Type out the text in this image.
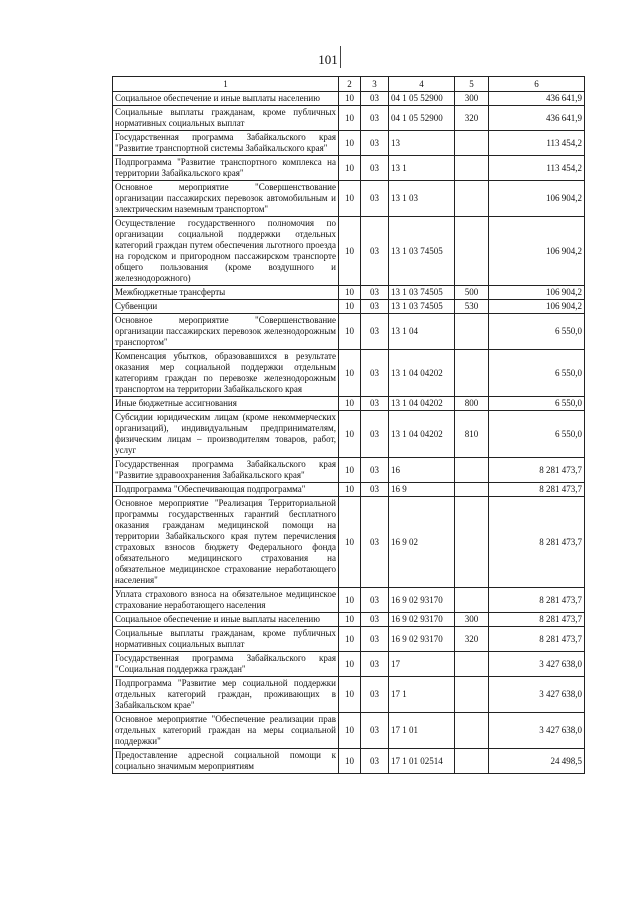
101
1	2	3	4	5	6
Социальное обеспечение и иные выплаты населению	10	03	04 1 05 52900	300	436 641,9
Социальные выплаты гражданам, кроме публичных нормативных социальных выплат	10	03	04 1 05 52900	320	436 641,9
Государственная программа Забайкальского края "Развитие транспортной системы Забайкальского края"	10	03	13		113 454,2
Подпрограмма "Развитие транспортного комплекса на территории Забайкальского края"	10	03	13 1		113 454,2
Основное мероприятие "Совершенствование организации пассажирских перевозок автомобильным и электрическим наземным транспортом"	10	03	13 1 03		106 904,2
Осуществление государственного полномочия по организации социальной поддержки отдельных категорий граждан путем обеспечения льготного проезда на городском и пригородном пассажирском транспорте общего пользования (кроме воздушного и железнодорожного)	10	03	13 1 03 74505		106 904,2
Межбюджетные трансферты	10	03	13 1 03 74505	500	106 904,2
Субвенции	10	03	13 1 03 74505	530	106 904,2
Основное мероприятие "Совершенствование организации пассажирских перевозок железнодорожным транспортом"	10	03	13 1 04		6 550,0
Компенсация убытков, образовавшихся в результате оказания мер социальной поддержки отдельным категориям граждан по перевозке железнодорожным транспортом на территории Забайкальского края	10	03	13 1 04 04202		6 550,0
Иные бюджетные ассигнования	10	03	13 1 04 04202	800	6 550,0
Субсидии юридическим лицам (кроме некоммерческих организаций), индивидуальным предпринимателям, физическим лицам – производителям товаров, работ, услуг	10	03	13 1 04 04202	810	6 550,0
Государственная программа Забайкальского края "Развитие здравоохранения Забайкальского края"	10	03	16		8 281 473,7
Подпрограмма "Обеспечивающая подпрограмма"	10	03	16 9		8 281 473,7
Основное мероприятие "Реализация Территориальной программы государственных гарантий бесплатного оказания гражданам медицинской помощи на территории Забайкальского края путем перечисления страховых взносов бюджету Федерального фонда обязательного медицинского страхования на обязательное медицинское страхование неработающего населения"	10	03	16 9 02		8 281 473,7
Уплата страхового взноса на обязательное медицинское страхование неработающего населения	10	03	16 9 02 93170		8 281 473,7
Социальное обеспечение и иные выплаты населению	10	03	16 9 02 93170	300	8 281 473,7
Социальные выплаты гражданам, кроме публичных нормативных социальных выплат	10	03	16 9 02 93170	320	8 281 473,7
Государственная программа Забайкальского края "Социальная поддержка граждан"	10	03	17		3 427 638,0
Подпрограмма "Развитие мер социальной поддержки отдельных категорий граждан, проживающих в Забайкальском крае"	10	03	17 1		3 427 638,0
Основное мероприятие "Обеспечение реализации прав отдельных категорий граждан на меры социальной поддержки"	10	03	17 1 01		3 427 638,0
Предоставление адресной социальной помощи к социально значимым мероприятиям	10	03	17 1 01 02514		24 498,5
